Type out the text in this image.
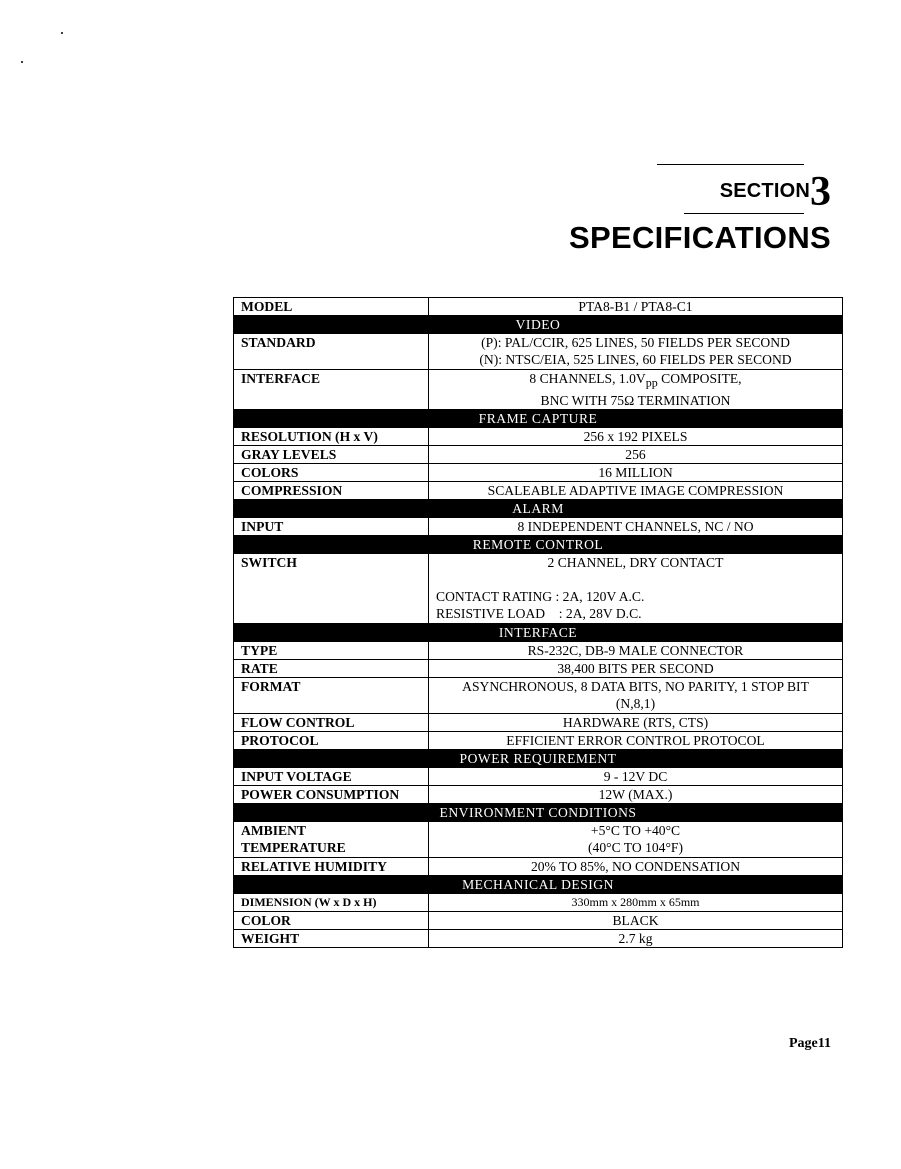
SECTION3
SPECIFICATIONS
MODEL	PTA8-B1 / PTA8-C1
VIDEO	
STANDARD	(P): PAL/CCIR, 625 LINES, 50 FIELDS PER SECOND
(N): NTSC/EIA, 525 LINES, 60 FIELDS PER SECOND

INTERFACE	8 CHANNELS, $1.0V_{pp}$ COMPOSITE,
BNC WITH 75Ω TERMINATION

FRAME CAPTURE	
RESOLUTION (H x V)	256 x 192 PIXELS
GRAY LEVELS	256
COLORS	16 MILLION
COMPRESSION	SCALEABLE ADAPTIVE IMAGE COMPRESSION
ALARM	
INPUT	8 INDEPENDENT CHANNELS, NC / NO
REMOTE CONTROL	
SWITCH	2 CHANNEL, DRY CONTACT
CONTACT RATING : 2A, 120V A.C.
RESISTIVE LOAD    : 2A, 28V D.C.

INTERFACE	
TYPE	RS-232C, DB-9 MALE CONNECTOR
RATE	38,400 BITS PER SECOND
FORMAT	ASYNCHRONOUS, 8 DATA BITS, NO PARITY, 1 STOP BIT
(N,8,1)

FLOW CONTROL	HARDWARE (RTS, CTS)
PROTOCOL	EFFICIENT ERROR CONTROL PROTOCOL
POWER REQUIREMENT	
INPUT VOLTAGE	9 - 12V DC
POWER CONSUMPTION	12W (MAX.)
ENVIRONMENT CONDITIONS	

AMBIENT
TEMPERATURE	+5°C TO +40°C
(40°C TO 104°F)

RELATIVE HUMIDITY	20% TO 85%, NO CONDENSATION
MECHANICAL DESIGN	
DIMENSION (W x D x H)	330mm x 280mm x 65mm
COLOR	BLACK
WEIGHT	2.7 kg
Page11
